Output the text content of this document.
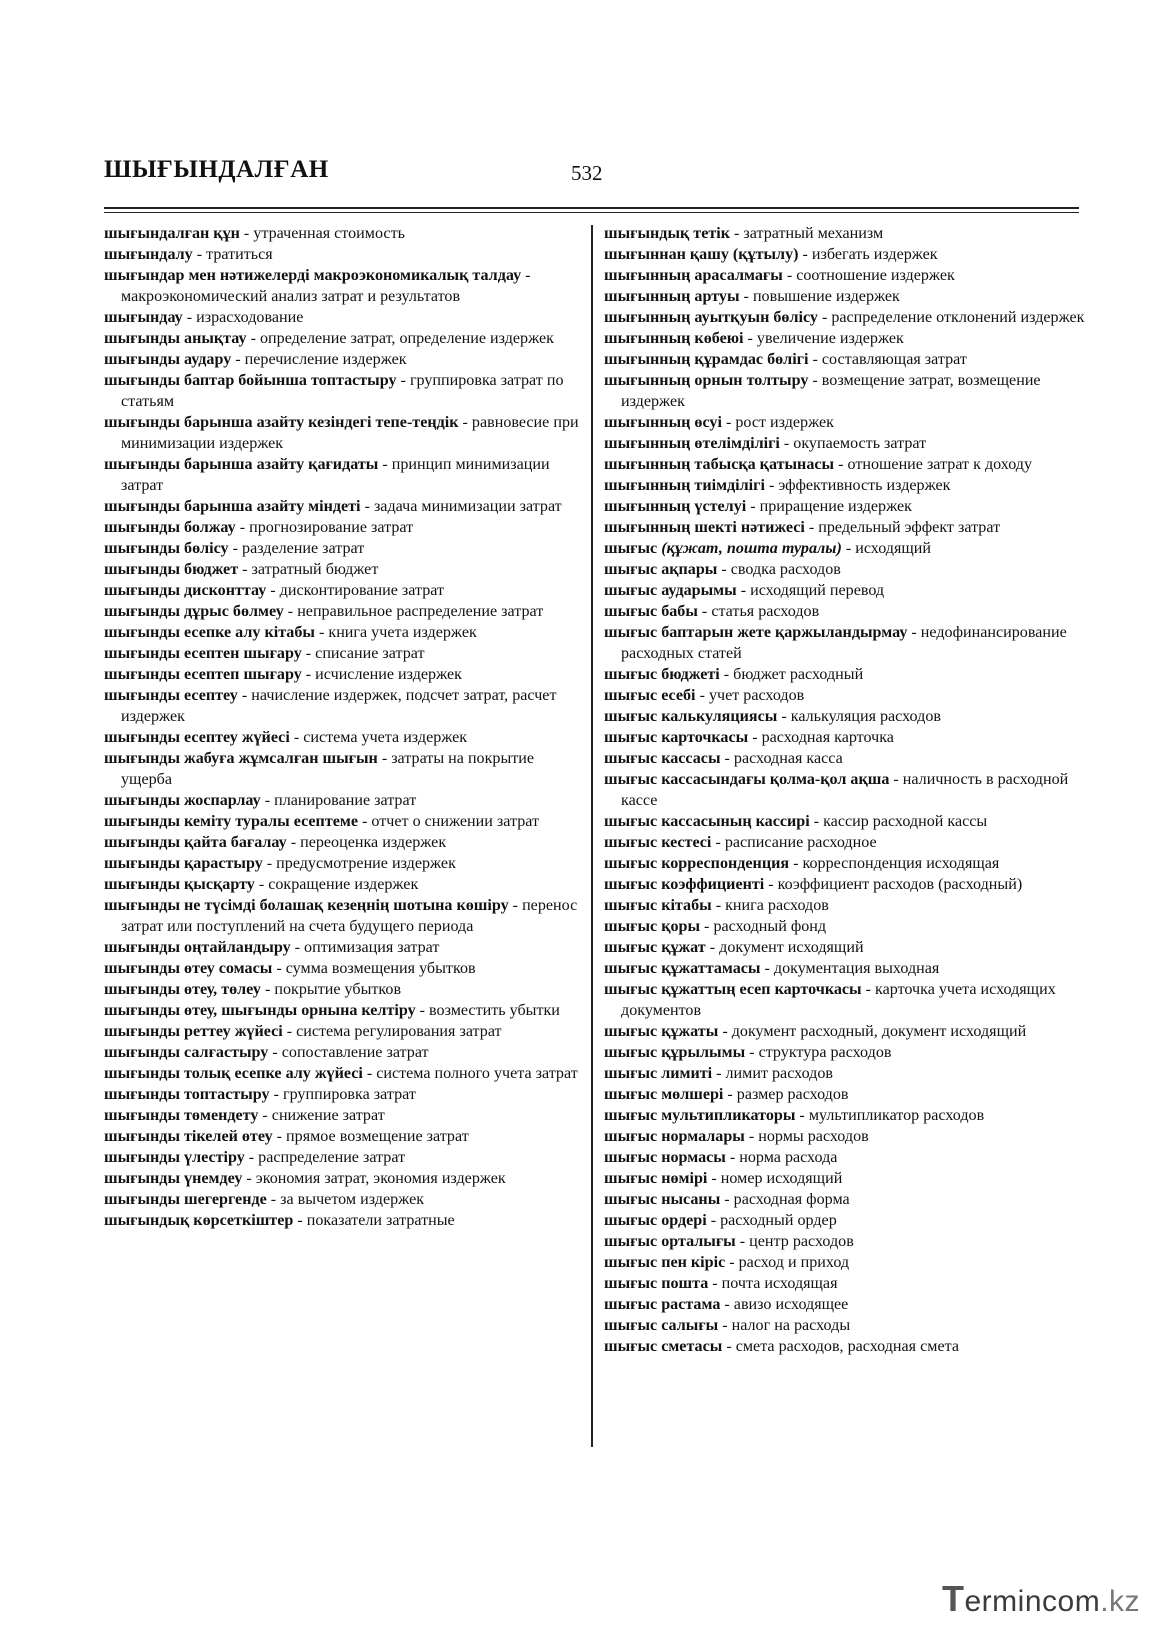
ШЫҒЫНДАЛҒАН	532
шығындалған құн - утраченная стоимость
шығындалу - тратиться
шығындар мен нәтижелерді макроэкономикалық талдау - макроэкономический анализ затрат и результатов
шығындау - израсходование
шығынды анықтау - определение затрат, определение издержек
шығынды аудару - перечисление издержек
шығынды баптар бойынша топтастыру - группировка затрат по статьям
шығынды барынша азайту кезіндегі тепе-теңдік - равновесие при минимизации издержек
шығынды барынша азайту қағидаты - принцип минимизации затрат
шығынды барынша азайту міндеті - задача минимизации затрат
шығынды болжау - прогнозирование затрат
шығынды бөлісу - разделение затрат
шығынды бюджет - затратный бюджет
шығынды дисконттау - дисконтирование затрат
шығынды дұрыс бөлмеу - неправильное распределение затрат
шығынды есепке алу кітабы - книга учета издержек
шығынды есептен шығару - списание затрат
шығынды есептеп шығару - исчисление издержек
шығынды есептеу - начисление издержек, подсчет затрат, расчет издержек
шығынды есептеу жүйесі - система учета издержек
шығынды жабуға жұмсалған шығын - затраты на покрытие ущерба
шығынды жоспарлау - планирование затрат
шығынды кеміту туралы есептеме - отчет о снижении затрат
шығынды қайта бағалау - переоценка издержек
шығынды қарастыру - предусмотрение издержек
шығынды қысқарту - сокращение издержек
шығынды не түсімді болашақ кезеңнің шотына көшіру - перенос затрат или поступлений на счета будущего периода
шығынды оңтайландыру - оптимизация затрат
шығынды өтеу сомасы - сумма возмещения убытков
шығынды өтеу, төлеу - покрытие убытков
шығынды өтеу, шығынды орнына келтіру - возместить убытки
шығынды реттеу жүйесі - система регулирования затрат
шығынды салғастыру - сопоставление затрат
шығынды толық есепке алу жүйесі - система полного учета затрат
шығынды топтастыру - группировка затрат
шығынды төмендету - снижение затрат
шығынды тікелей өтеу - прямое возмещение затрат
шығынды үлестіру - распределение затрат
шығынды үнемдеу - экономия затрат, экономия издержек
шығынды шегергенде - за вычетом издержек
шығындық көрсеткіштер - показатели затратные
шығындық тетік - затратный механизм
шығыннан қашу (құтылу) - избегать издержек
шығынның арасалмағы - соотношение издержек
шығынның артуы - повышение издержек
шығынның ауытқуын бөлісу - распределение отклонений издержек
шығынның көбеюі - увеличение издержек
шығынның құрамдас бөлігі - составляющая затрат
шығынның орнын толтыру - возмещение затрат, возмещение издержек
шығынның өсуі - рост издержек
шығынның өтелімділігі - окупаемость затрат
шығынның табысқа қатынасы - отношение затрат к доходу
шығынның тиімділігі - эффективность издержек
шығынның үстелуі - приращение издержек
шығынның шекті нәтижесі - предельный эффект затрат
шығыс (құжат, пошта туралы) - исходящий
шығыс ақпары - сводка расходов
шығыс аударымы - исходящий перевод
шығыс бабы - статья расходов
шығыс баптарын жете қаржыландырмау - недофинансирование расходных статей
шығыс бюджеті - бюджет расходный
шығыс есебі - учет расходов
шығыс калькуляциясы - калькуляция расходов
шығыс карточкасы - расходная карточка
шығыс кассасы - расходная касса
шығыс кассасындағы қолма-қол ақша - наличность в расходной кассе
шығыс кассасының кассирі - кассир расходной кассы
шығыс кестесі - расписание расходное
шығыс корреспонденция - корреспонденция исходящая
шығыс коэффициенті - коэффициент расходов (расходный)
шығыс кітабы - книга расходов
шығыс қоры - расходный фонд
шығыс құжат - документ исходящий
шығыс құжаттамасы - документация выходная
шығыс құжаттың есеп карточкасы - карточка учета исходящих документов
шығыс құжаты - документ расходный, документ исходящий
шығыс құрылымы - структура расходов
шығыс лимиті - лимит расходов
шығыс мөлшері - размер расходов
шығыс мультипликаторы - мультипликатор расходов
шығыс нормалары - нормы расходов
шығыс нормасы - норма расхода
шығыс нөмірі - номер исходящий
шығыс нысаны - расходная форма
шығыс ордері - расходный ордер
шығыс орталығы - центр расходов
шығыс пен кіріс - расход и приход
шығыс пошта - почта исходящая
шығыс растама - авизо исходящее
шығыс салығы - налог на расходы
шығыс сметасы - смета расходов, расходная смета
Termincom.kz
